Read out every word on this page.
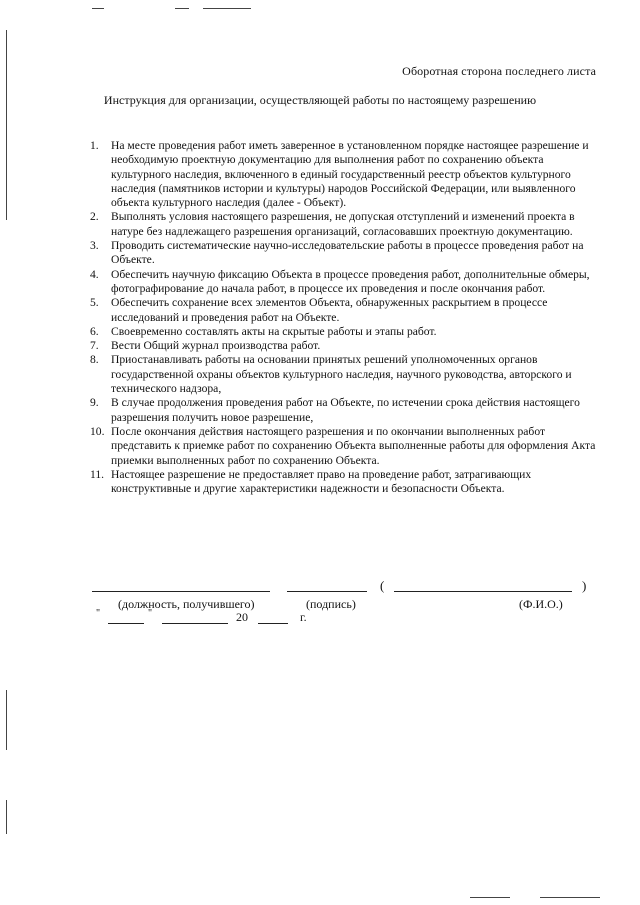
Оборотная сторона последнего листа

Инструкция для организации, осуществляющей работы по настоящему разрешению
1.	На месте проведения работ иметь заверенное в установленном порядке настоящее разрешение и необходимую проектную документацию для выполнения работ по сохранению объекта культурного наследия, включенного в единый государственный реестр объектов культурного наследия (памятников истории и культуры) народов Российской Федерации, или выявленного объекта культурного наследия (далее - Объект).
2.	Выполнять условия настоящего разрешения, не допуская отступлений и изменений проекта в натуре без надлежащего разрешения организаций, согласовавших проектную документацию.
3.	Проводить систематические научно-исследовательские работы в процессе проведения работ на Объекте.
4.	Обеспечить научную фиксацию Объекта в процессе проведения работ, дополнительные обмеры, фотографирование до начала работ, в процессе их проведения и после окончания работ.
5.	Обеспечить сохранение всех элементов Объекта, обнаруженных раскрытием в процессе исследований и проведения работ на Объекте.
6.	Своевременно составлять акты на скрытые работы и этапы работ.
7.	Вести Общий журнал производства работ.
8.	Приостанавливать работы на основании принятых решений уполномоченных органов государственной охраны объектов культурного наследия, научного руководства, авторского и технического надзора,
9.	В случае продолжения проведения работ на Объекте, по истечении срока действия настоящего разрешения получить новое разрешение,
10. После окончания действия настоящего разрешения и по окончании выполненных работ представить к приемке работ по сохранению Объекта выполненные работы для оформления Акта приемки выполненных работ по сохранению Объекта.
11. Настоящее разрешение не предоставляет право на проведение работ, затрагивающих конструктивные и другие характеристики надежности и безопасности Объекта.
(	)
(должность, получившего)	(подпись)	(Ф.И.О.)
"	"	20	г.
